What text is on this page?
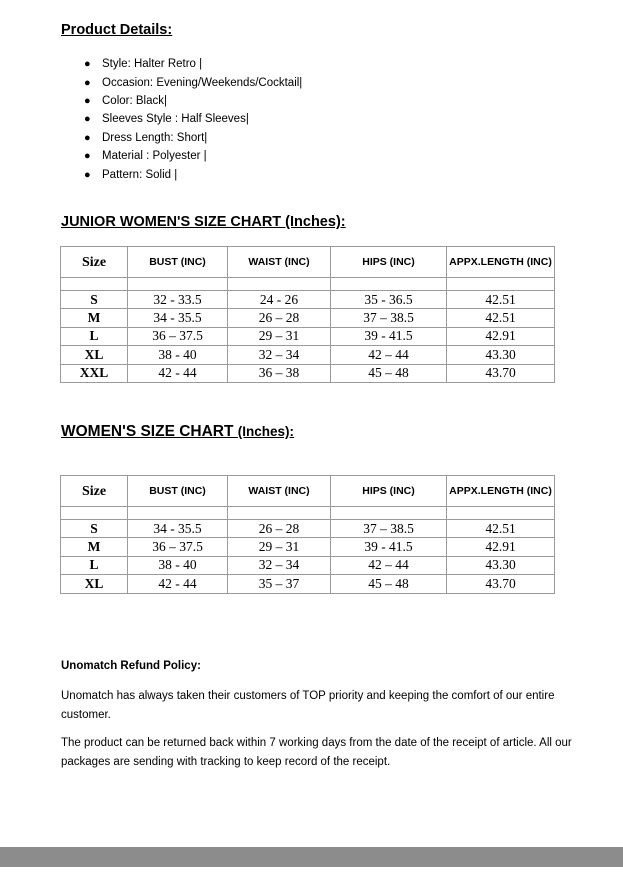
Product Details:
● Style: Halter Retro |
● Occasion: Evening/Weekends/Cocktail|
● Color: Black|
● Sleeves Style : Half Sleeves|
● Dress Length: Short|
● Material : Polyester |
● Pattern: Solid |
JUNIOR WOMEN'S SIZE CHART (Inches):
Size	BUST (INC)	WAIST (INC)	HIPS (INC)	APPX.LENGTH (INC)

S	32 - 33.5	24 - 26	35 - 36.5	42.51
M	34 - 35.5	26 – 28	37 – 38.5	42.51
L	36 – 37.5	29 – 31	39 - 41.5	42.91
XL	38 - 40	32 – 34	42 – 44	43.30
XXL	42 - 44	36 – 38	45 – 48	43.70
WOMEN'S SIZE CHART (Inches):
Size	BUST (INC)	WAIST (INC)	HIPS (INC)	APPX.LENGTH (INC)

S	34 - 35.5	26 – 28	37 – 38.5	42.51
M	36 – 37.5	29 – 31	39 - 41.5	42.91
L	38 - 40	32 – 34	42 – 44	43.30
XL	42 - 44	35 – 37	45 – 48	43.70
Unomatch Refund Policy:

Unomatch has always taken their customers of TOP priority and keeping the comfort of our entire customer.

The product can be returned back within 7 working days from the date of the receipt of article. All our packages are sending with tracking to keep record of the receipt.
